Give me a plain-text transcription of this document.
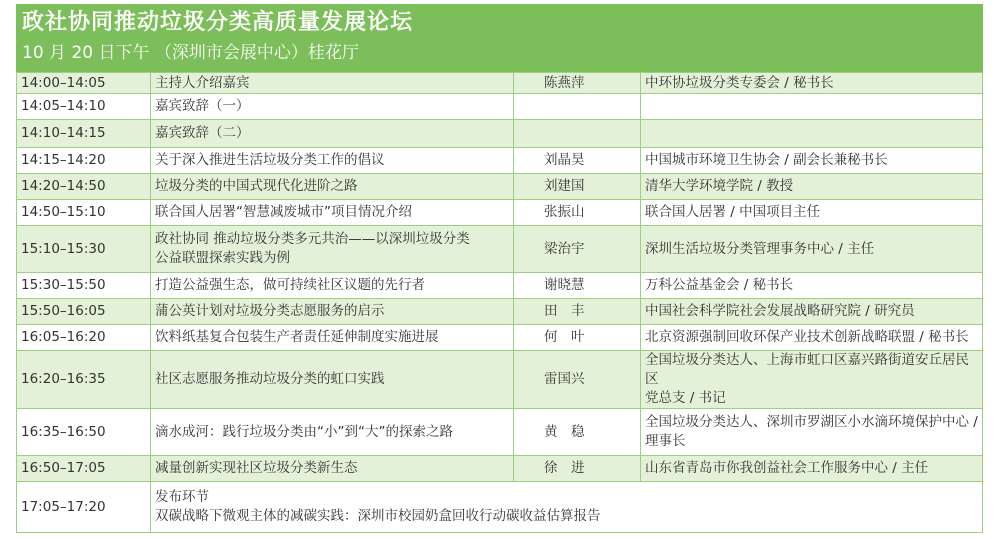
政社协同推动垃圾分类高质量发展论坛
10 月 20 日下午 （深圳市会展中心）桂花厅
14:00–14:05	主持人介绍嘉宾	陈燕萍	中环协垃圾分类专委会 / 秘书长
14:05–14:10	嘉宾致辞（一）		
14:10–14:15	嘉宾致辞（二）		
14:15–14:20	关于深入推进生活垃圾分类工作的倡议	刘晶昊	中国城市环境卫生协会 / 副会长兼秘书长
14:20–14:50	垃圾分类的中国式现代化进阶之路	刘建国	清华大学环境学院 / 教授
14:50–15:10	联合国人居署“智慧减废城市”项目情况介绍	张振山	联合国人居署 / 中国项目主任
15:10–15:30	政社协同 推动垃圾分类多元共治——以深圳垃圾分类
公益联盟探索实践为例	梁治宇	深圳生活垃圾分类管理事务中心 / 主任
15:30–15:50	打造公益强生态，做可持续社区议题的先行者	谢晓慧	万科公益基金会 / 秘书长
15:50–16:05	蒲公英计划对垃圾分类志愿服务的启示	田　丰	中国社会科学院社会发展战略研究院 / 研究员
16:05–16:20	饮料纸基复合包装生产者责任延伸制度实施进展	何　叶	北京资源强制回收环保产业技术创新战略联盟 / 秘书长
16:20–16:35	社区志愿服务推动垃圾分类的虹口实践	雷国兴	全国垃圾分类达人、上海市虹口区嘉兴路街道安丘居民区
党总支 / 书记

16:35–16:50	滴水成河：践行垃圾分类由“小”到“大”的探索之路	黄　稳	全国垃圾分类达人、深圳市罗湖区小水滴环境保护中心 /
理事长

16:50–17:05	减量创新实现社区垃圾分类新生态	徐　进	山东省青岛市你我创益社会工作服务中心 / 主任
17:05–17:20	发布环节
双碳战略下微观主体的减碳实践：深圳市校园奶盒回收行动碳收益估算报告		
